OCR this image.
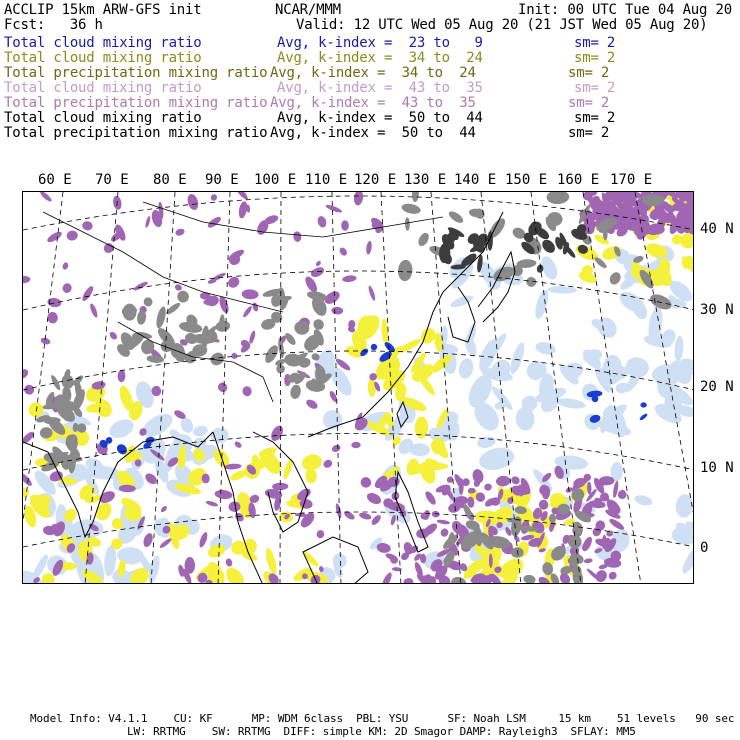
ACCLIP 15km ARW-GFS init	NCAR/MMM	Init: 00 UTC Tue 04 Aug 20
Fcst:   36 h	Valid: 12 UTC Wed 05 Aug 20 (21 JST Wed 05 Aug 20)
Total cloud mixing ratio	Avg, k-index =  23 to   9	sm= 2
Total cloud mixing ratio	Avg, k-index =  34 to  24	sm= 2
Total precipitation mixing ratio Avg, k-index =  34 to  24	sm= 2
Total cloud mixing ratio	Avg, k-index =  43 to  35	sm= 2
Total precipitation mixing ratio Avg, k-index =  43 to  35	sm= 2
Total cloud mixing ratio	Avg, k-index =  50 to  44	sm= 2
Total precipitation mixing ratio Avg, k-index =  50 to  44	sm= 2
60 E 70 E 80 E 90 E 100 E 110 E 120 E 130 E 140 E 150 E 160 E 170 E
40 N
30 N
20 N
10 N
0
Model Info: V4.1.1    CU: KF      MP: WDM 6class  PBL: YSU      SF: Noah LSM     15 km    51 levels   90 sec
LW: RRTMG    SW: RRTMG  DIFF: simple KM: 2D Smagor DAMP: Rayleigh3  SFLAY: MM5
